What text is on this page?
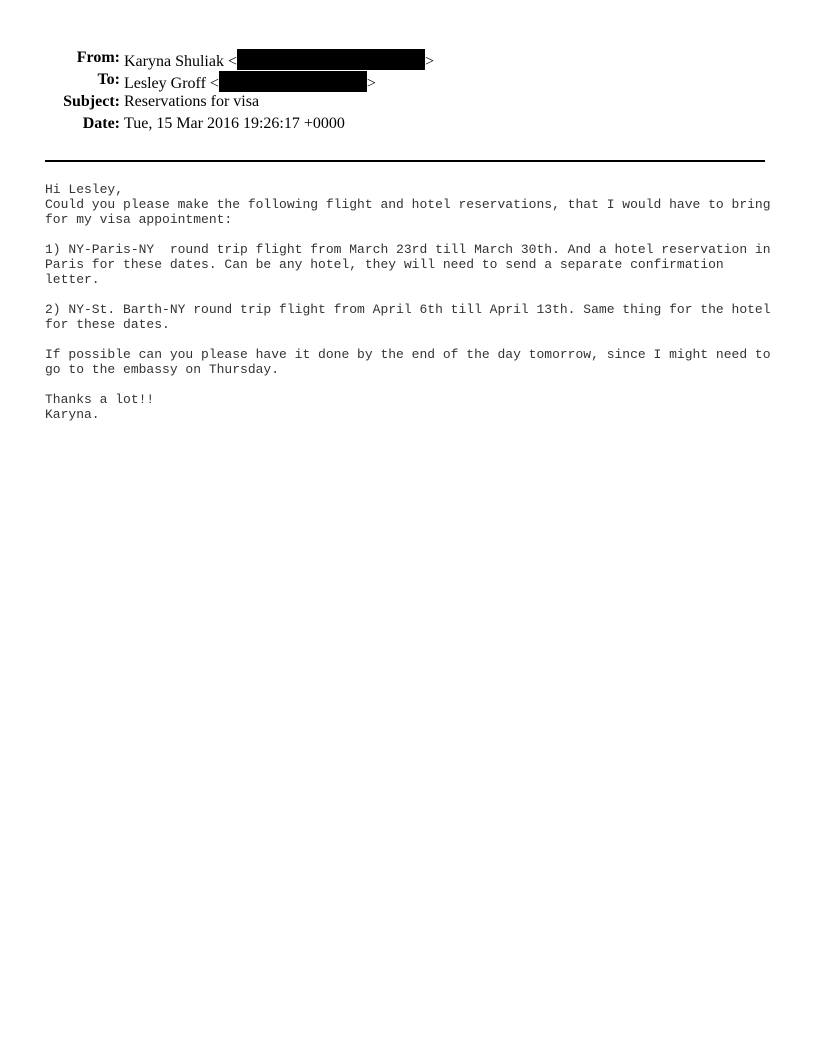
From: Karyna Shuliak <	>
To: Lesley Groff <	>
Subject: Reservations for visa
Date: Tue, 15 Mar 2016 19:26:17 +0000
Hi Lesley,
Could you please make the following flight and hotel reservations, that I would have to bring
for my visa appointment:
1) NY-Paris-NY  round trip flight from March 23rd till March 30th. And a hotel reservation in
Paris for these dates. Can be any hotel, they will need to send a separate confirmation
letter.
2) NY-St. Barth-NY round trip flight from April 6th till April 13th. Same thing for the hotel
for these dates.
If possible can you please have it done by the end of the day tomorrow, since I might need to
go to the embassy on Thursday.
Thanks a lot!!
Karyna.
